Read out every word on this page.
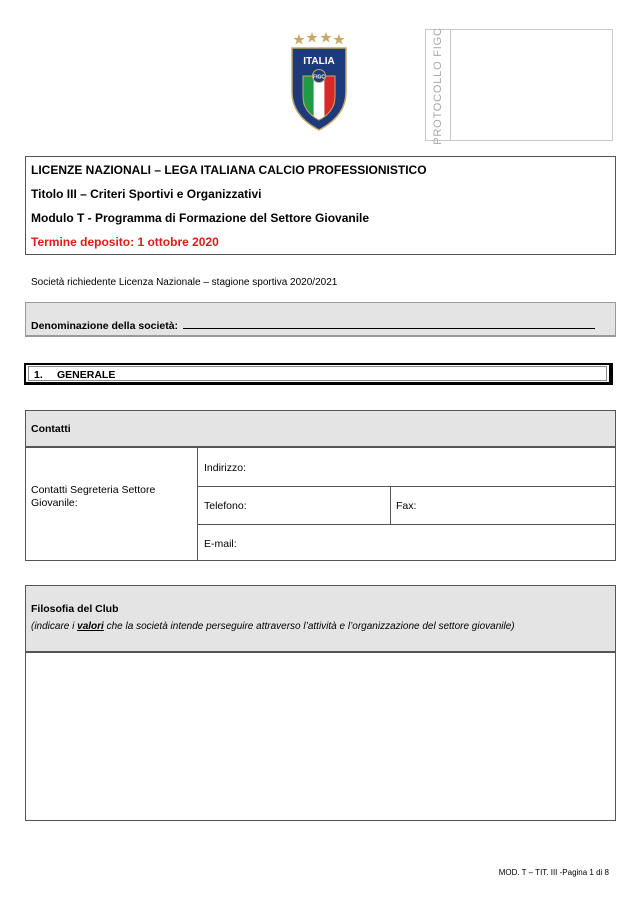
ITALIA
FIGC	PROTOCOLLO FIGC

LICENZE NAZIONALI – LEGA ITALIANA CALCIO PROFESSIONISTICO

Titolo III – Criteri Sportivi e Organizzativi

Modulo T - Programma di Formazione del Settore Giovanile

Termine deposito: 1 ottobre 2020

Società richiedente Licenza Nazionale – stagione sportiva 2020/2021
Denominazione della società:
1. GENERALE
Contatti
Contatti Segreteria Settore Giovanile:
Indirizzo:
Telefono:	Fax:
E-mail:
Filosofia del Club
(indicare i valori che la società intende perseguire attraverso l’attività e l’organizzazione del settore giovanile)
MOD. T – TIT. III -Pagina 1 di 8
